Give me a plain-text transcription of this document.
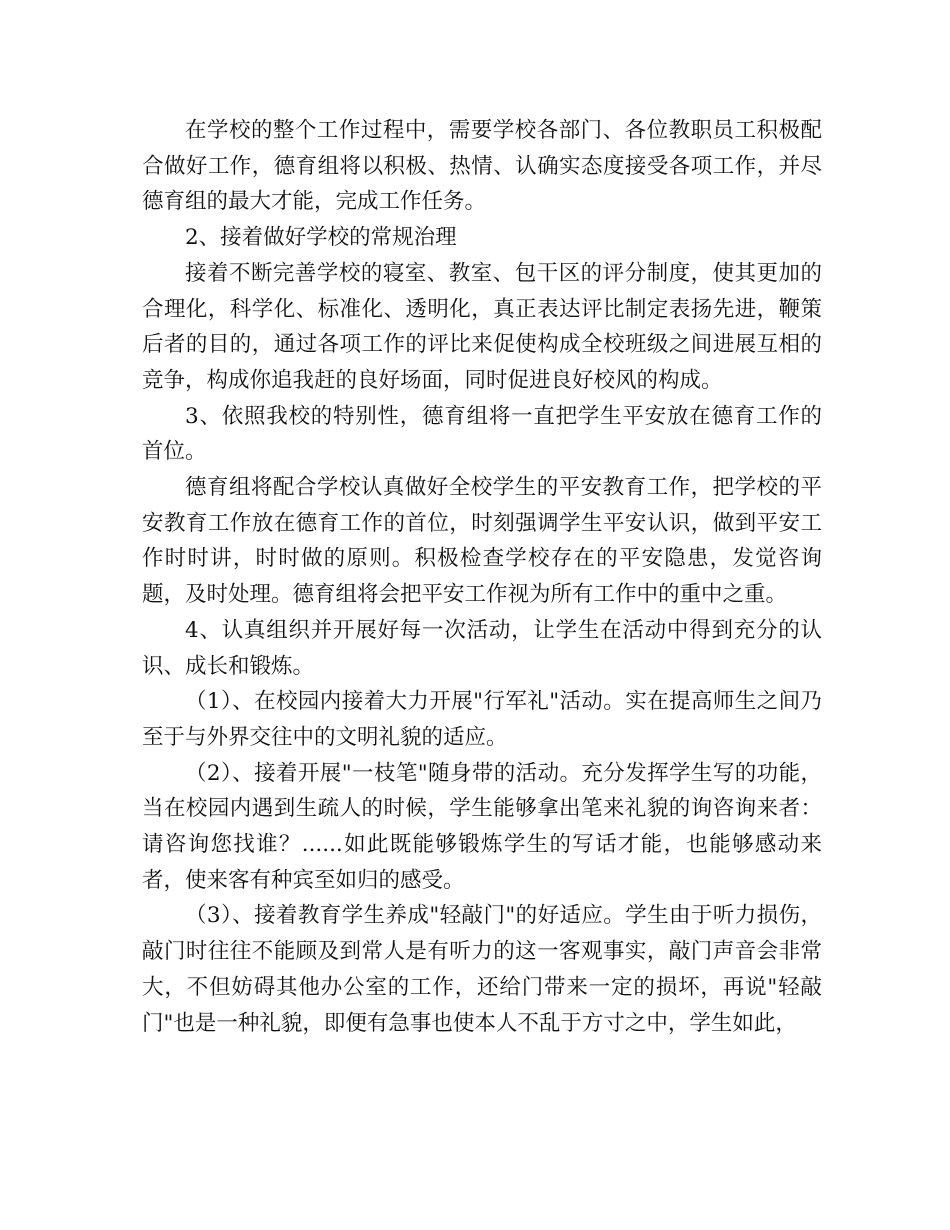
在学校的整个工作过程中，需要学校各部门、各位教职员工积极配合做好工作，德育组将以积极、热情、认确实态度接受各项工作，并尽德育组的最大才能，完成工作任务。

2、接着做好学校的常规治理

接着不断完善学校的寝室、教室、包干区的评分制度，使其更加的合理化，科学化、标准化、透明化，真正表达评比制定表扬先进，鞭策后者的目的，通过各项工作的评比来促使构成全校班级之间进展互相的竞争，构成你追我赶的良好场面，同时促进良好校风的构成。

3、依照我校的特别性，德育组将一直把学生平安放在德育工作的首位。

德育组将配合学校认真做好全校学生的平安教育工作，把学校的平安教育工作放在德育工作的首位，时刻强调学生平安认识，做到平安工作时时讲，时时做的原则。积极检查学校存在的平安隐患，发觉咨询题，及时处理。德育组将会把平安工作视为所有工作中的重中之重。

4、认真组织并开展好每一次活动，让学生在活动中得到充分的认识、成长和锻炼。

（1）、在校园内接着大力开展"行军礼"活动。实在提高师生之间乃至于与外界交往中的文明礼貌的适应。

（2）、接着开展"一枝笔"随身带的活动。充分发挥学生写的功能，当在校园内遇到生疏人的时候，学生能够拿出笔来礼貌的询咨询来者：请咨询您找谁？......如此既能够锻炼学生的写话才能，也能够感动来者，使来客有种宾至如归的感受。

（3）、接着教育学生养成"轻敲门"的好适应。学生由于听力损伤，敲门时往往不能顾及到常人是有听力的这一客观事实，敲门声音会非常大，不但妨碍其他办公室的工作，还给门带来一定的损坏，再说"轻敲门"也是一种礼貌，即便有急事也使本人不乱于方寸之中，学生如此，
